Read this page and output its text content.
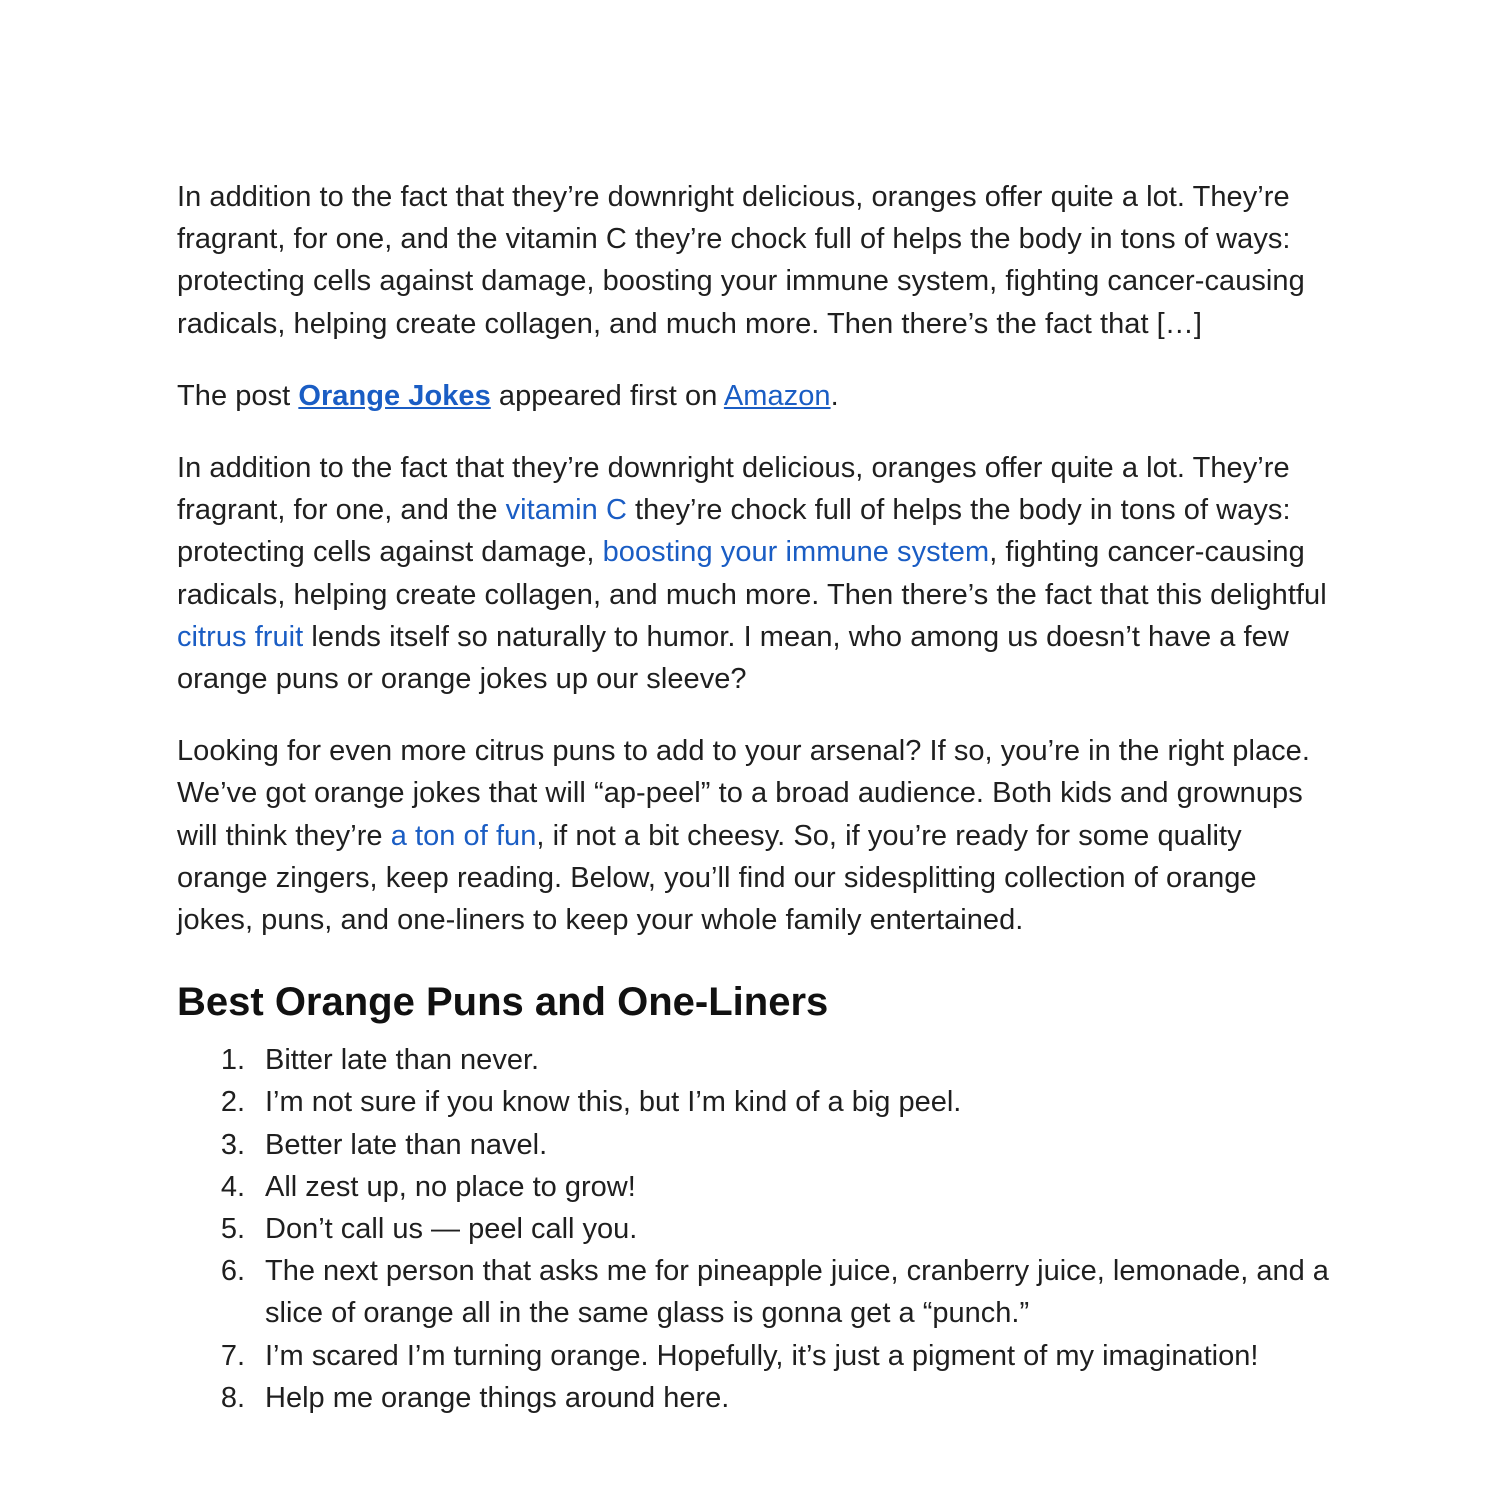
In addition to the fact that they’re downright delicious, oranges offer quite a lot. They’re fragrant, for one, and the vitamin C they’re chock full of helps the body in tons of ways: protecting cells against damage, boosting your immune system, fighting cancer-causing radicals, helping create collagen, and much more. Then there’s the fact that […]

The post Orange Jokes appeared first on Amazon.

In addition to the fact that they’re downright delicious, oranges offer quite a lot. They’re fragrant, for one, and the vitamin C they’re chock full of helps the body in tons of ways: protecting cells against damage, boosting your immune system, fighting cancer-causing radicals, helping create collagen, and much more. Then there’s the fact that this delightful citrus fruit lends itself so naturally to humor. I mean, who among us doesn’t have a few orange puns or orange jokes up our sleeve?

Looking for even more citrus puns to add to your arsenal? If so, you’re in the right place. We’ve got orange jokes that will “ap-peel” to a broad audience. Both kids and grownups will think they’re a ton of fun, if not a bit cheesy. So, if you’re ready for some quality orange zingers, keep reading. Below, you’ll find our sidesplitting collection of orange jokes, puns, and one-liners to keep your whole family entertained.

Best Orange Puns and One-Liners
1. Bitter late than never.
2. I’m not sure if you know this, but I’m kind of a big peel.
3. Better late than navel.
4. All zest up, no place to grow!
5. Don’t call us — peel call you.
6. The next person that asks me for pineapple juice, cranberry juice, lemonade, and a slice of orange all in the same glass is gonna get a “punch.”
7. I’m scared I’m turning orange. Hopefully, it’s just a pigment of my imagination!
8. Help me orange things around here.
